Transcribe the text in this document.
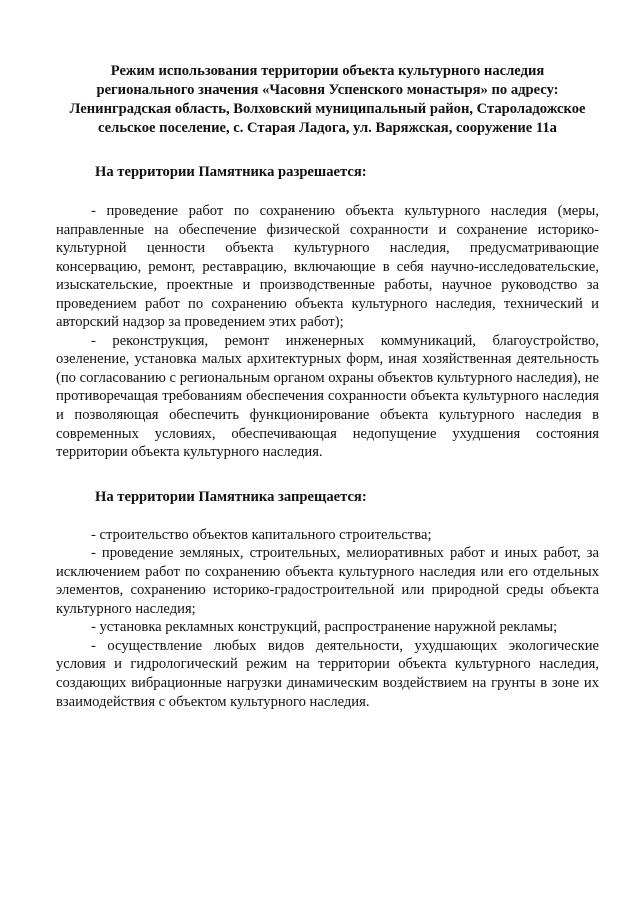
Режим использования территории объекта культурного наследия
регионального значения «Часовня Успенского монастыря» по адресу:
Ленинградская область, Волховский муниципальный район, Староладожское
сельское поселение, с. Старая Ладога, ул. Варяжская, сооружение 11а
На территории Памятника разрешается:

- проведение работ по сохранению объекта культурного наследия (меры, направленные на обеспечение физической сохранности и сохранение историко-культурной ценности объекта культурного наследия, предусматривающие консервацию, ремонт, реставрацию, включающие в себя научно-исследовательские, изыскательские, проектные и производственные работы, научное руководство за проведением работ по сохранению объекта культурного наследия, технический и авторский надзор за проведением этих работ);

- реконструкция, ремонт инженерных коммуникаций, благоустройство, озеленение, установка малых архитектурных форм, иная хозяйственная деятельность (по согласованию с региональным органом охраны объектов культурного наследия), не противоречащая требованиям обеспечения сохранности объекта культурного наследия и позволяющая обеспечить функционирование объекта культурного наследия в современных условиях, обеспечивающая недопущение ухудшения состояния территории объекта культурного наследия.

На территории Памятника запрещается:

- строительство объектов капитального строительства;

- проведение земляных, строительных, мелиоративных работ и иных работ, за исключением работ по сохранению объекта культурного наследия или его отдельных элементов, сохранению историко-градостроительной или природной среды объекта культурного наследия;

- установка рекламных конструкций, распространение наружной рекламы;

- осуществление любых видов деятельности, ухудшающих экологические условия и гидрологический режим на территории объекта культурного наследия, создающих вибрационные нагрузки динамическим воздействием на грунты в зоне их взаимодействия с объектом культурного наследия.
